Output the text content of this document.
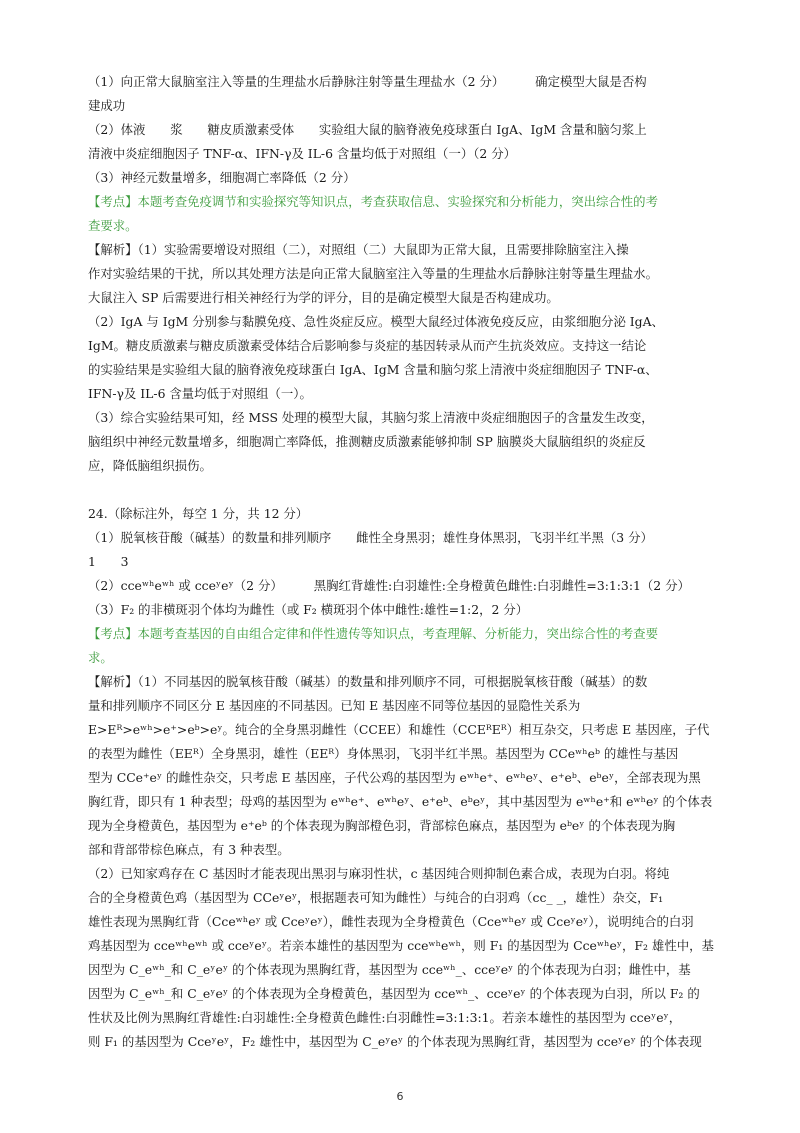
（1）向正常大鼠脑室注入等量的生理盐水后静脉注射等量生理盐水（2 分）　　　确定模型大鼠是否构
建成功
（2）体液　　浆　　糖皮质激素受体　　实验组大鼠的脑脊液免疫球蛋白 IgA、IgM 含量和脑匀浆上
清液中炎症细胞因子 TNF-α、IFN-γ及 IL-6 含量均低于对照组（一）（2 分）
（3）神经元数量增多，细胞凋亡率降低（2 分）
【考点】本题考查免疫调节和实验探究等知识点，考查获取信息、实验探究和分析能力，突出综合性的考
查要求。
【解析】（1）实验需要增设对照组（二），对照组（二）大鼠即为正常大鼠，且需要排除脑室注入操
作对实验结果的干扰，所以其处理方法是向正常大鼠脑室注入等量的生理盐水后静脉注射等量生理盐水。
大鼠注入 SP 后需要进行相关神经行为学的评分，目的是确定模型大鼠是否构建成功。
（2）IgA 与 IgM 分别参与黏膜免疫、急性炎症反应。模型大鼠经过体液免疫反应，由浆细胞分泌 IgA、
IgM。糖皮质激素与糖皮质激素受体结合后影响参与炎症的基因转录从而产生抗炎效应。支持这一结论
的实验结果是实验组大鼠的脑脊液免疫球蛋白 IgA、IgM 含量和脑匀浆上清液中炎症细胞因子 TNF-α、
IFN-γ及 IL-6 含量均低于对照组（一）。
（3）综合实验结果可知，经 MSS 处理的模型大鼠，其脑匀浆上清液中炎症细胞因子的含量发生改变，
脑组织中神经元数量增多，细胞凋亡率降低，推测糖皮质激素能够抑制 SP 脑膜炎大鼠脑组织的炎症反
应，降低脑组织损伤。
24.（除标注外，每空 1 分，共 12 分）
（1）脱氧核苷酸（碱基）的数量和排列顺序　　雌性全身黑羽；雄性身体黑羽，飞羽半红半黑（3 分）
1　　3
（2）cceʷʰeʷʰ 或 cceʸeʸ（2 分）　　　黑胸红背雄性:白羽雄性:全身橙黄色雌性:白羽雌性=3:1:3:1（2 分）
（3）F₂ 的非横斑羽个体均为雌性（或 F₂ 横斑羽个体中雌性:雄性=1:2，2 分）
【考点】本题考查基因的自由组合定律和伴性遗传等知识点，考查理解、分析能力，突出综合性的考查要
求。
【解析】（1）不同基因的脱氧核苷酸（碱基）的数量和排列顺序不同，可根据脱氧核苷酸（碱基）的数
量和排列顺序不同区分 E 基因座的不同基因。已知 E 基因座不同等位基因的显隐性关系为
E>Eᴿ>eʷʰ>e⁺>eᵇ>eʸ。纯合的全身黑羽雌性（CCEE）和雄性（CCEᴿEᴿ）相互杂交，只考虑 E 基因座，子代
的表型为雌性（EEᴿ）全身黑羽，雄性（EEᴿ）身体黑羽，飞羽半红半黑。基因型为 CCeʷʰeᵇ 的雄性与基因
型为 CCe⁺eʸ 的雌性杂交，只考虑 E 基因座，子代公鸡的基因型为 eʷʰe⁺、eʷʰeʸ、e⁺eᵇ、eᵇeʸ，全部表现为黑
胸红背，即只有 1 种表型；母鸡的基因型为 eʷʰe⁺、eʷʰeʸ、e⁺eᵇ、eᵇeʸ，其中基因型为 eʷʰe⁺和 eʷʰeʸ 的个体表
现为全身橙黄色，基因型为 e⁺eᵇ 的个体表现为胸部橙色羽，背部棕色麻点，基因型为 eᵇeʸ 的个体表现为胸
部和背部带棕色麻点，有 3 种表型。
（2）已知家鸡存在 C 基因时才能表现出黑羽与麻羽性状，c 基因纯合则抑制色素合成，表现为白羽。将纯
合的全身橙黄色鸡（基因型为 CCeʸeʸ，根据题表可知为雌性）与纯合的白羽鸡（cc_ _，雄性）杂交，F₁
雄性表现为黑胸红背（Cceʷʰeʸ 或 Cceʸeʸ），雌性表现为全身橙黄色（Cceʷʰeʸ 或 Cceʸeʸ），说明纯合的白羽
鸡基因型为 cceʷʰeʷʰ 或 cceʸeʸ。若亲本雄性的基因型为 cceʷʰeʷʰ，则 F₁ 的基因型为 Cceʷʰeʸ，F₂ 雄性中，基
因型为 C_eʷʰ_和 C_eʸeʸ 的个体表现为黑胸红背，基因型为 cceʷʰ_、cceʸeʸ 的个体表现为白羽；雌性中，基
因型为 C_eʷʰ_和 C_eʸeʸ 的个体表现为全身橙黄色，基因型为 cceʷʰ_、cceʸeʸ 的个体表现为白羽，所以 F₂ 的
性状及比例为黑胸红背雄性:白羽雄性:全身橙黄色雌性:白羽雌性=3:1:3:1。若亲本雄性的基因型为 cceʸeʸ，
则 F₁ 的基因型为 Cceʸeʸ，F₂ 雄性中，基因型为 C_eʸeʸ 的个体表现为黑胸红背，基因型为 cceʸeʸ 的个体表现
6
